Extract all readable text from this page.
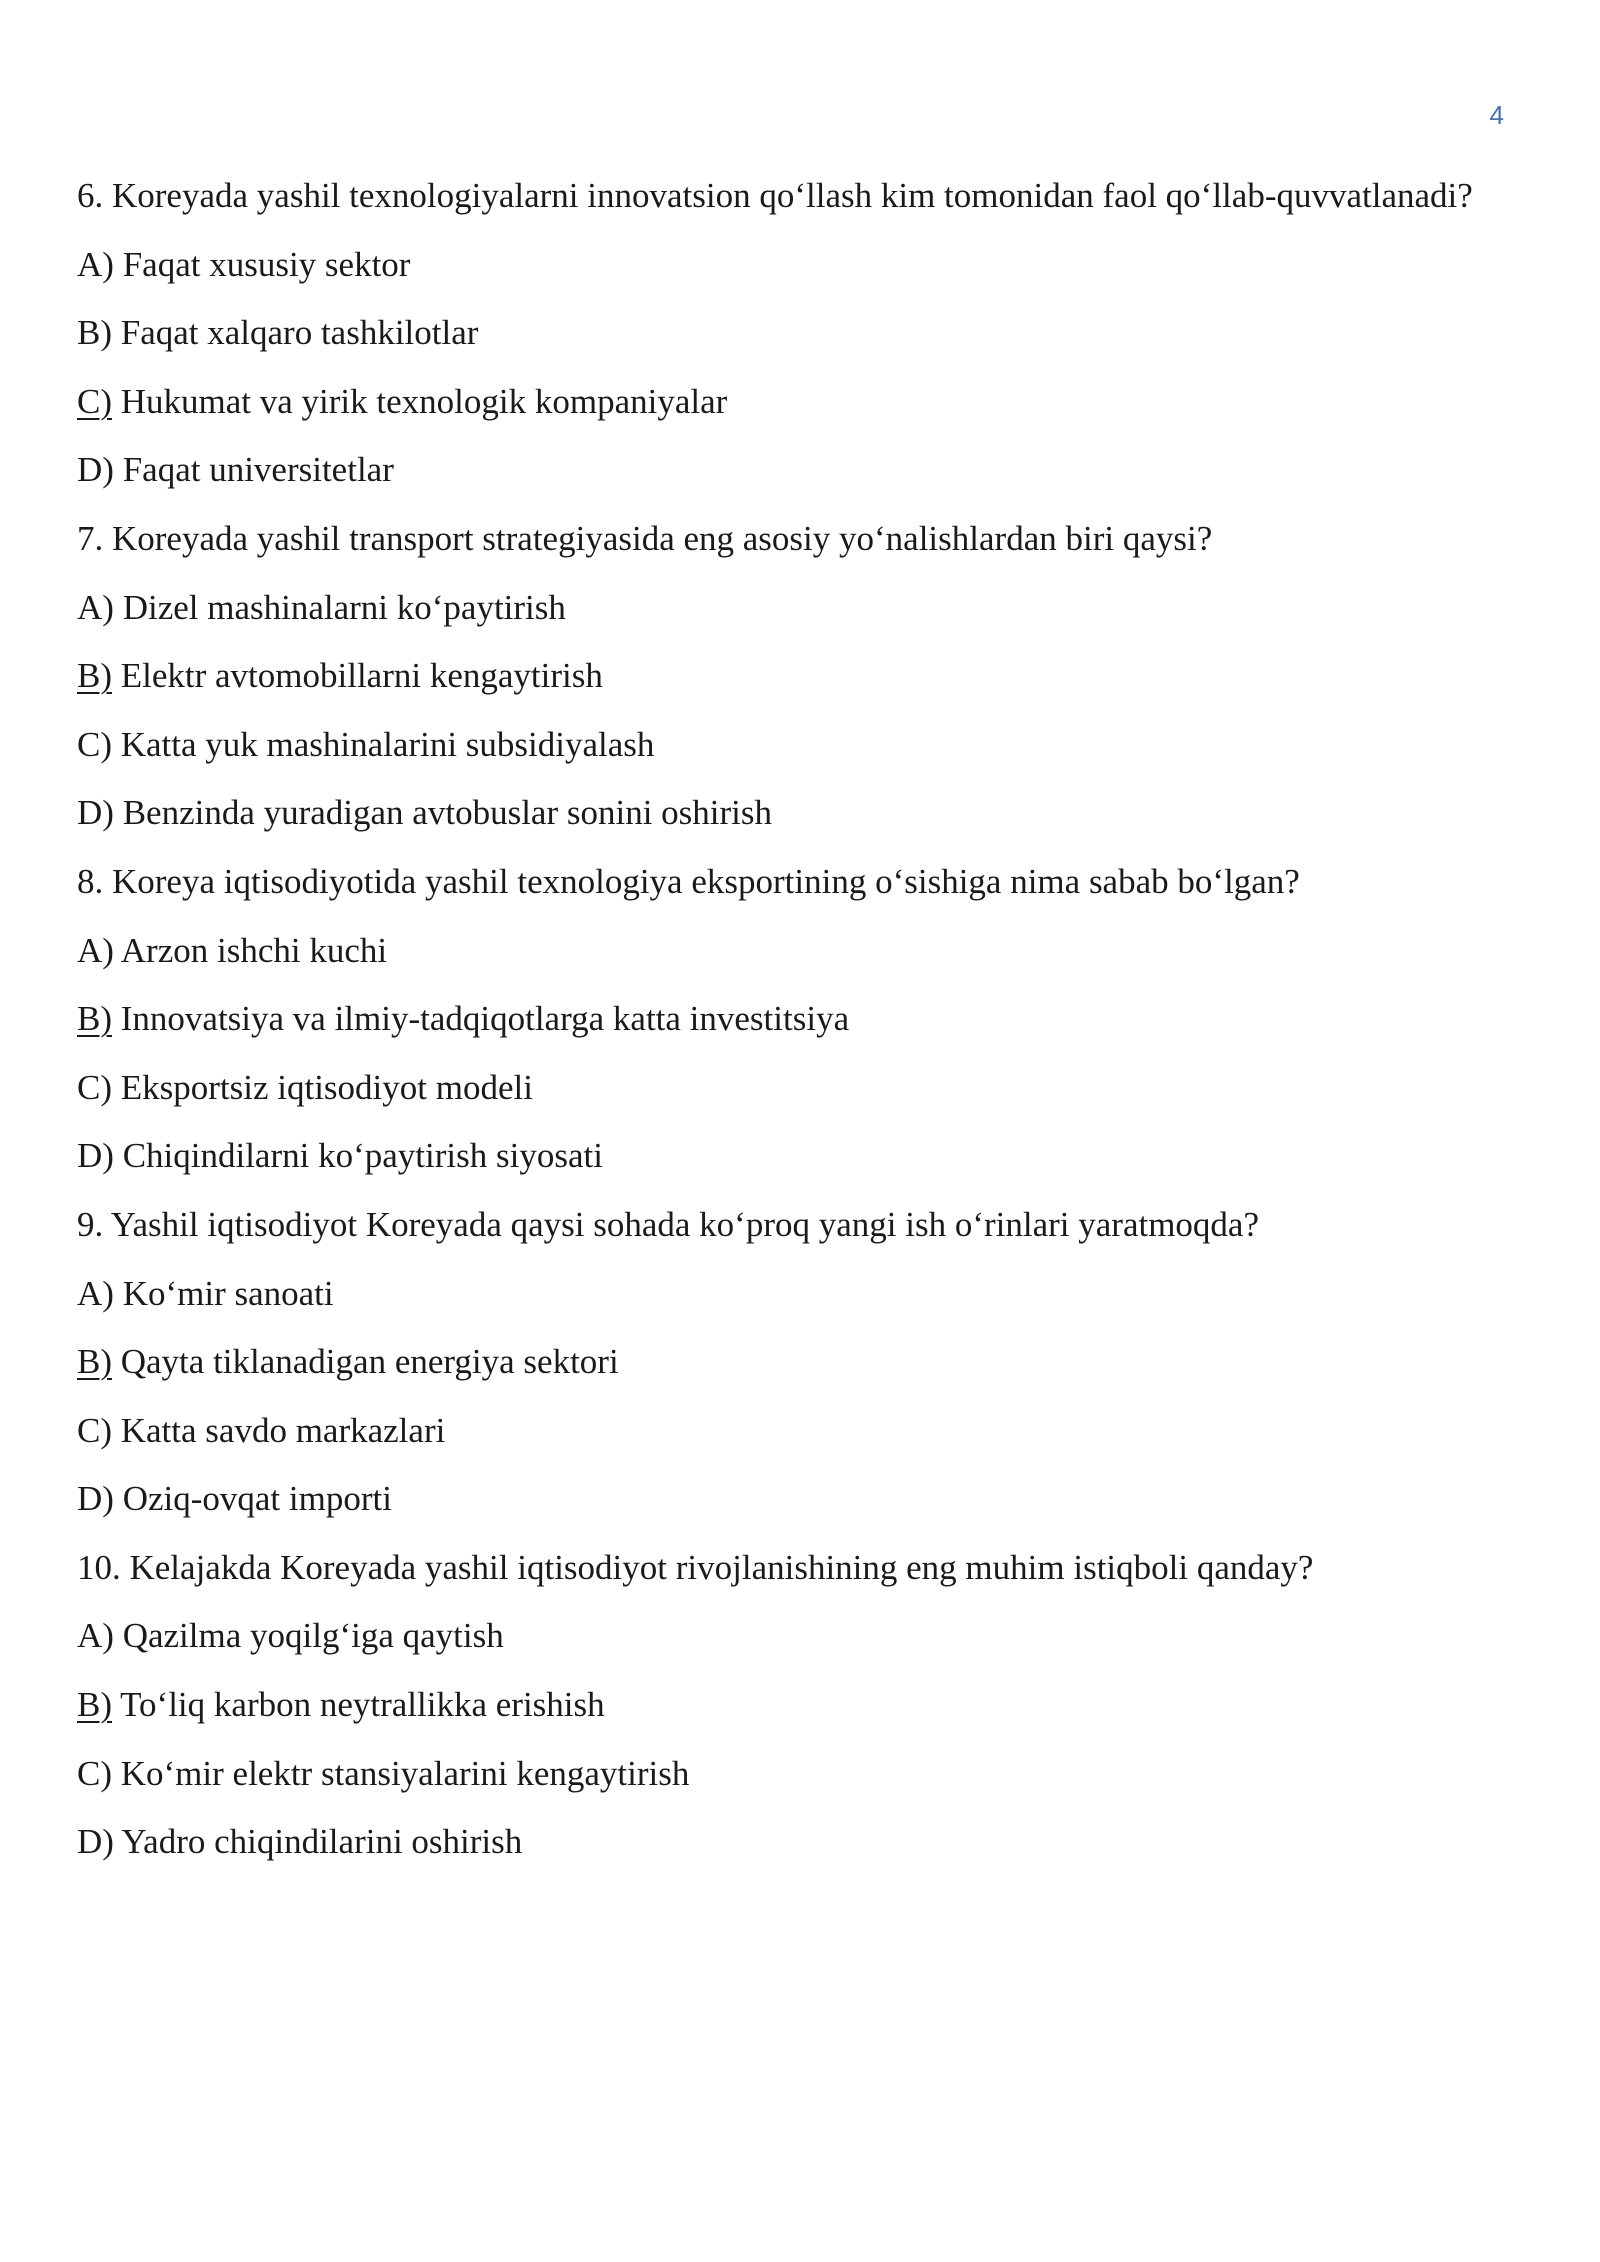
4

6. Koreyada yashil texnologiyalarni innovatsion qo‘llash kim tomonidan faol qo‘llab-quvvatlanadi?

A) Faqat xususiy sektor

B) Faqat xalqaro tashkilotlar

C) Hukumat va yirik texnologik kompaniyalar

D) Faqat universitetlar

7. Koreyada yashil transport strategiyasida eng asosiy yo‘nalishlardan biri qaysi?

A) Dizel mashinalarni ko‘paytirish

B) Elektr avtomobillarni kengaytirish

C) Katta yuk mashinalarini subsidiyalash

D) Benzinda yuradigan avtobuslar sonini oshirish

8. Koreya iqtisodiyotida yashil texnologiya eksportining o‘sishiga nima sabab bo‘lgan?

A) Arzon ishchi kuchi

B) Innovatsiya va ilmiy-tadqiqotlarga katta investitsiya

C) Eksportsiz iqtisodiyot modeli

D) Chiqindilarni ko‘paytirish siyosati

9. Yashil iqtisodiyot Koreyada qaysi sohada ko‘proq yangi ish o‘rinlari yaratmoqda?

A) Ko‘mir sanoati

B) Qayta tiklanadigan energiya sektori

C) Katta savdo markazlari

D) Oziq-ovqat importi

10. Kelajakda Koreyada yashil iqtisodiyot rivojlanishining eng muhim istiqboli qanday?

A) Qazilma yoqilg‘iga qaytish

B) To‘liq karbon neytrallikka erishish

C) Ko‘mir elektr stansiyalarini kengaytirish

D) Yadro chiqindilarini oshirish
